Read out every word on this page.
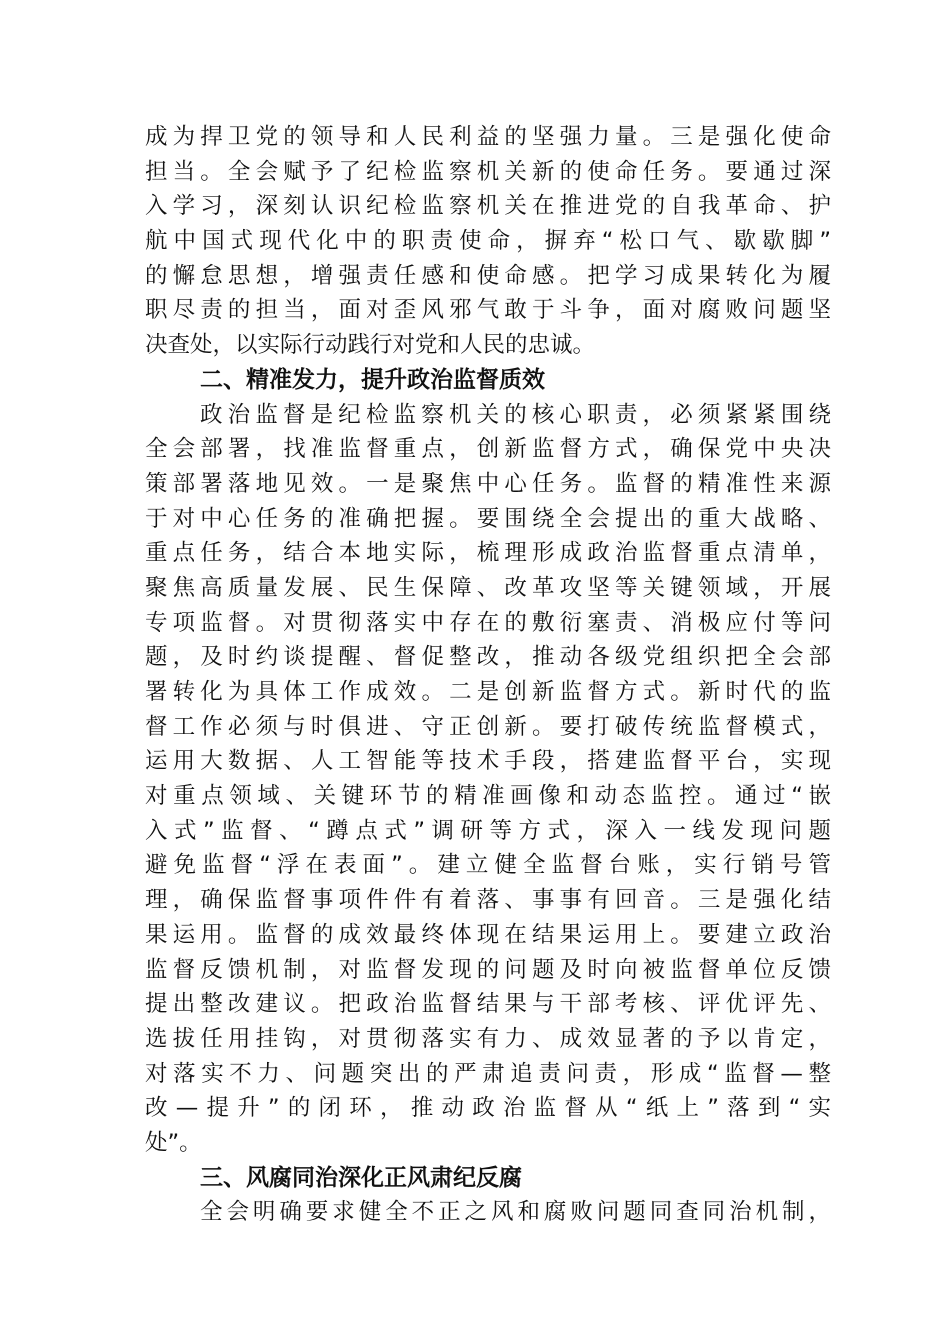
成为捍卫党的领导和人民利益的坚强力量。三是强化使命
担当。全会赋予了纪检监察机关新的使命任务。要通过深
入学习，深刻认识纪检监察机关在推进党的自我革命、护
航中国式现代化中的职责使命，摒弃“松口气、歇歇脚”
的懈怠思想，增强责任感和使命感。把学习成果转化为履
职尽责的担当，面对歪风邪气敢于斗争，面对腐败问题坚
决查处，以实际行动践行对党和人民的忠诚。
二、精准发力，提升政治监督质效
政治监督是纪检监察机关的核心职责，必须紧紧围绕
全会部署，找准监督重点，创新监督方式，确保党中央决
策部署落地见效。一是聚焦中心任务。监督的精准性来源
于对中心任务的准确把握。要围绕全会提出的重大战略、
重点任务，结合本地实际，梳理形成政治监督重点清单，
聚焦高质量发展、民生保障、改革攻坚等关键领域，开展
专项监督。对贯彻落实中存在的敷衍塞责、消极应付等问
题，及时约谈提醒、督促整改，推动各级党组织把全会部
署转化为具体工作成效。二是创新监督方式。新时代的监
督工作必须与时俱进、守正创新。要打破传统监督模式，
运用大数据、人工智能等技术手段，搭建监督平台，实现
对重点领域、关键环节的精准画像和动态监控。通过“嵌
入式”监督、“蹲点式”调研等方式，深入一线发现问题
避免监督“浮在表面”。建立健全监督台账，实行销号管
理，确保监督事项件件有着落、事事有回音。三是强化结
果运用。监督的成效最终体现在结果运用上。要建立政治
监督反馈机制，对监督发现的问题及时向被监督单位反馈
提出整改建议。把政治监督结果与干部考核、评优评先、
选拔任用挂钩，对贯彻落实有力、成效显著的予以肯定，
对落实不力、问题突出的严肃追责问责，形成“监督—整
改—提升”的闭环，推动政治监督从“纸上”落到“实
处”。
三、风腐同治深化正风肃纪反腐
全会明确要求健全不正之风和腐败问题同查同治机制，
